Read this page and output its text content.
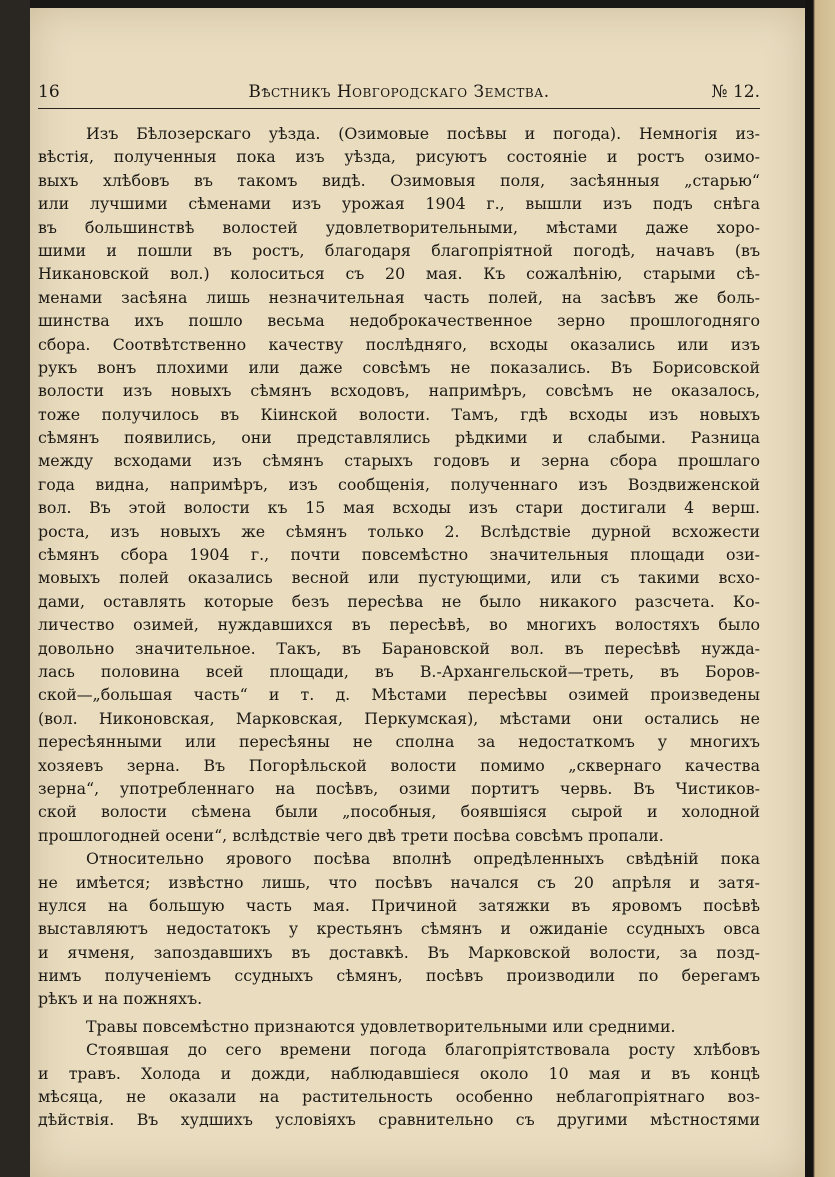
16	Вѣстникъ Новгородскаго Земства.	№ 12.
Изъ Бѣлозерскаго уѣзда. (Озимовые посѣвы и погода). Немногія из-
вѣстія, полученныя пока изъ уѣзда, рисуютъ состояніе и ростъ озимо-
выхъ хлѣбовъ въ такомъ видѣ. Озимовыя поля, засѣянныя „старью“
или лучшими сѣменами изъ урожая 1904 г., вышли изъ подъ снѣга
въ большинствѣ волостей удовлетворительными, мѣстами даже хоро-
шими и пошли въ ростъ, благодаря благопріятной погодѣ, начавъ (въ
Никановской вол.) колоситься съ 20 мая. Къ сожалѣнію, старыми сѣ-
менами засѣяна лишь незначительная часть полей, на засѣвъ же боль-
шинства ихъ пошло весьма недоброкачественное зерно прошлогодняго
сбора. Соотвѣтственно качеству послѣдняго, всходы оказались или изъ
рукъ вонъ плохими или даже совсѣмъ не показались. Въ Борисовской
волости изъ новыхъ сѣмянъ всходовъ, напримѣръ, совсѣмъ не оказалось,
тоже получилось въ Кіинской волости. Тамъ, гдѣ всходы изъ новыхъ
сѣмянъ появились, они представлялись рѣдкими и слабыми. Разница
между всходами изъ сѣмянъ старыхъ годовъ и зерна сбора прошлаго
года видна, напримѣръ, изъ сообщенія, полученнаго изъ Воздвиженской
вол. Въ этой волости къ 15 мая всходы изъ стари достигали 4 верш.
роста, изъ новыхъ же сѣмянъ только 2. Вслѣдствіе дурной всхожести
сѣмянъ сбора 1904 г., почти повсемѣстно значительныя площади ози-
мовыхъ полей оказались весной или пустующими, или съ такими всхо-
дами, оставлять которые безъ пересѣва не было никакого разсчета. Ко-
личество озимей, нуждавшихся въ пересѣвѣ, во многихъ волостяхъ было
довольно значительное. Такъ, въ Барановской вол. въ пересѣвѣ нужда-
лась половина всей площади, въ В.-Архангельской—треть, въ Боров-
ской—„большая часть“ и т. д. Мѣстами пересѣвы озимей произведены
(вол. Никоновская, Марковская, Перкумская), мѣстами они остались не
пересѣянными или пересѣяны не сполна за недостаткомъ у многихъ
хозяевъ зерна. Въ Погорѣльской волости помимо „сквернаго качества
зерна“, употребленнаго на посѣвъ, озими портитъ червь. Въ Чистиков-
ской волости сѣмена были „пособныя, боявшіяся сырой и холодной
прошлогодней осени“, вслѣдствіе чего двѣ трети посѣва совсѣмъ пропали.
Относительно ярового посѣва вполнѣ опредѣленныхъ свѣдѣній пока
не имѣется; извѣстно лишь, что посѣвъ начался съ 20 апрѣля и затя-
нулся на большую часть мая. Причиной затяжки въ яровомъ посѣвѣ
выставляютъ недостатокъ у крестьянъ сѣмянъ и ожиданіе ссудныхъ овса
и ячменя, запоздавшихъ въ доставкѣ. Въ Марковской волости, за позд-
нимъ полученіемъ ссудныхъ сѣмянъ, посѣвъ производили по берегамъ
рѣкъ и на пожняхъ.
Травы повсемѣстно признаются удовлетворительными или средними.
Стоявшая до сего времени погода благопріятствовала росту хлѣбовъ
и травъ. Холода и дожди, наблюдавшіеся около 10 мая и въ концѣ
мѣсяца, не оказали на растительность особенно неблагопріятнаго воз-
дѣйствія. Въ худшихъ условіяхъ сравнительно съ другими мѣстностями
